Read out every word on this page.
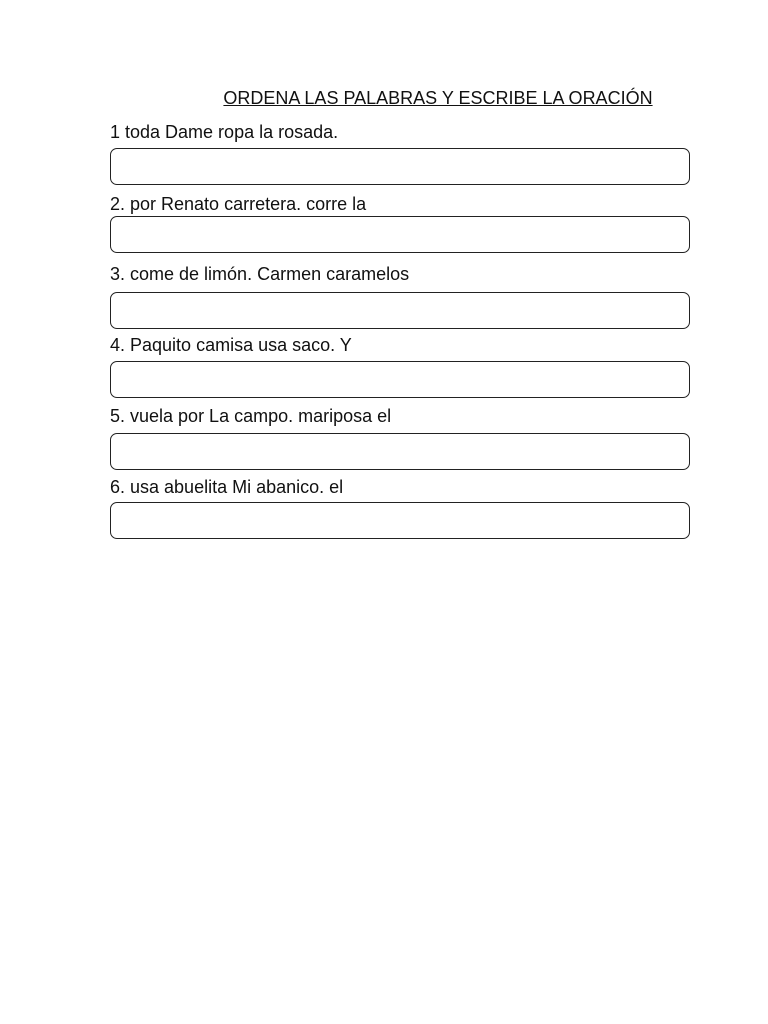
ORDENA LAS PALABRAS Y ESCRIBE LA ORACIÓN
1 toda Dame ropa la rosada.
2. por Renato carretera. corre la
3. come de limón. Carmen caramelos
4. Paquito camisa usa saco. Y
5. vuela por La campo. mariposa el
6. usa abuelita Mi abanico. el
